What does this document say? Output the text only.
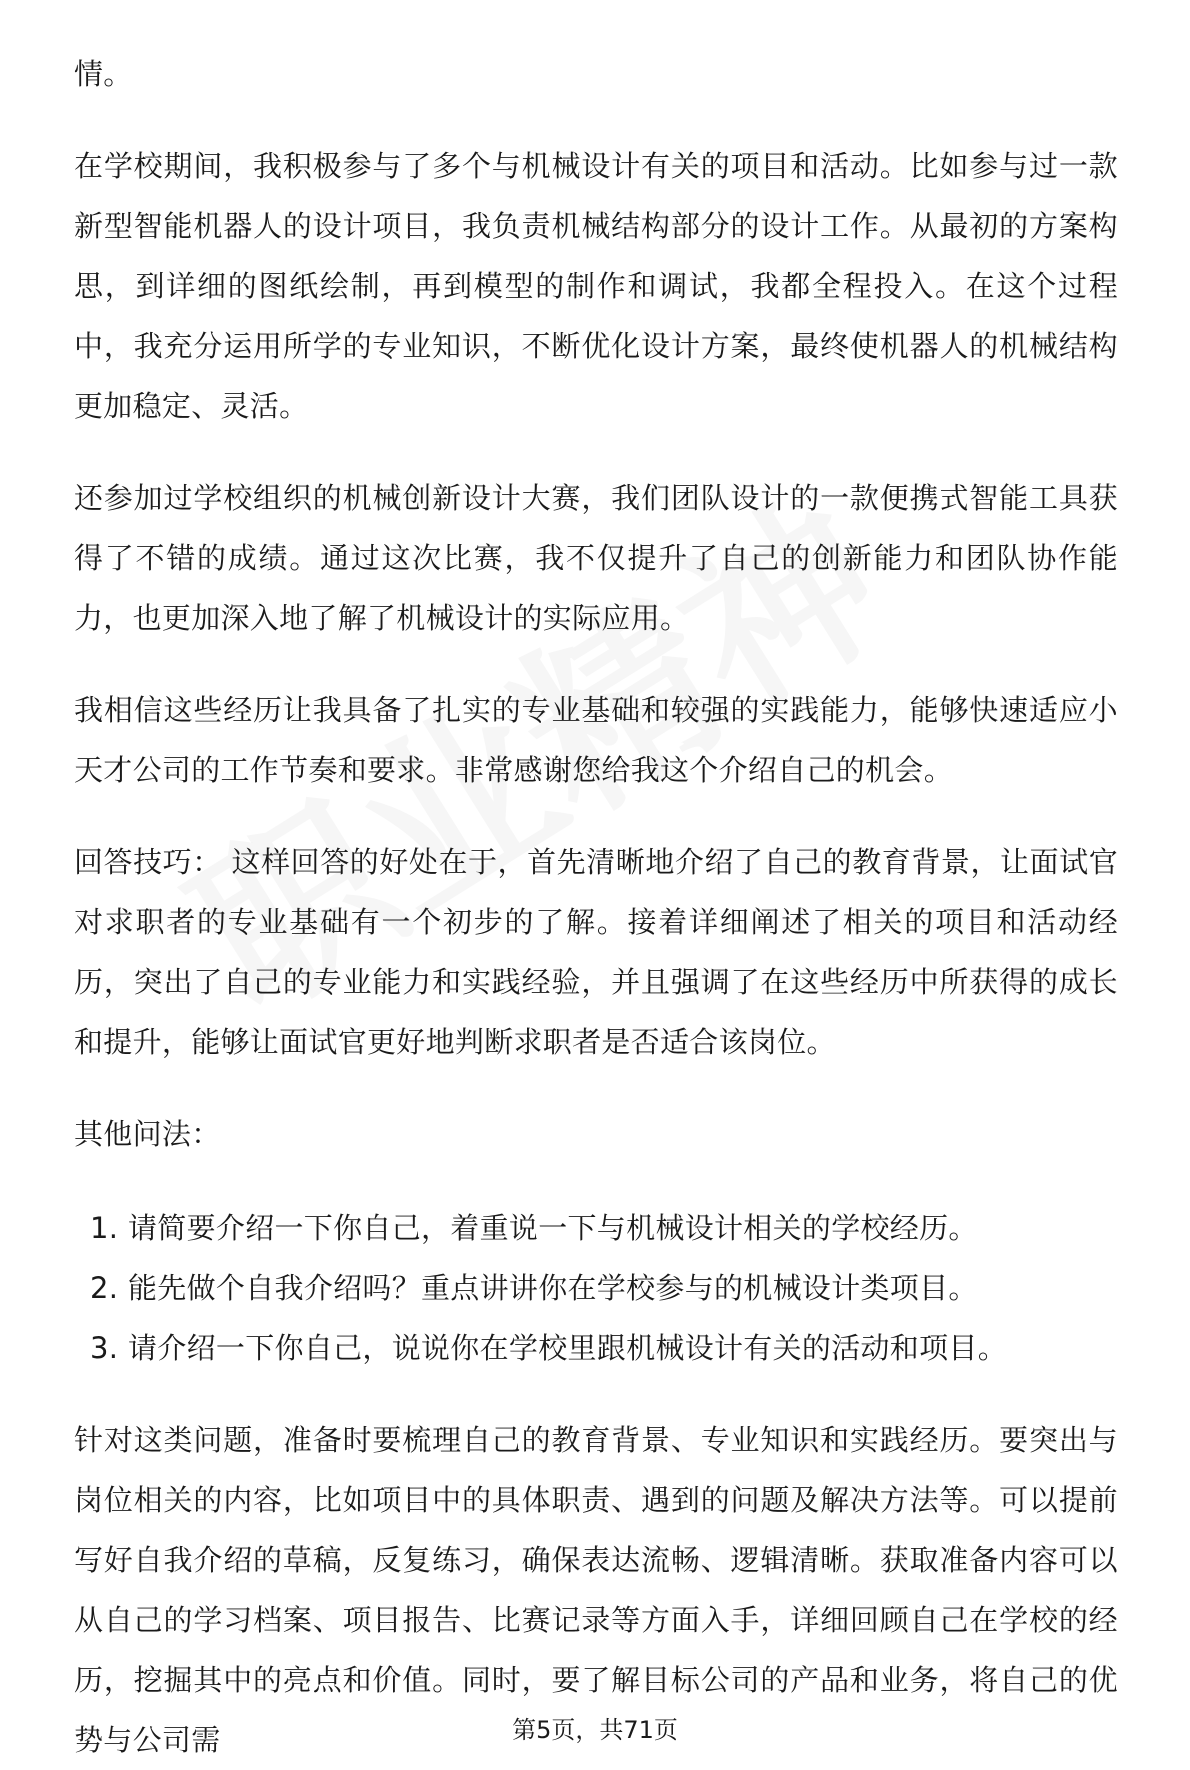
情。

在学校期间，我积极参与了多个与机械设计有关的项目和活动。比如参与过一款新型智能机器人的设计项目，我负责机械结构部分的设计工作。从最初的方案构思，到详细的图纸绘制，再到模型的制作和调试，我都全程投入。在这个过程中，我充分运用所学的专业知识，不断优化设计方案，最终使机器人的机械结构更加稳定、灵活。

还参加过学校组织的机械创新设计大赛，我们团队设计的一款便携式智能工具获得了不错的成绩。通过这次比赛，我不仅提升了自己的创新能力和团队协作能力，也更加深入地了解了机械设计的实际应用。

我相信这些经历让我具备了扎实的专业基础和较强的实践能力，能够快速适应小天才公司的工作节奏和要求。非常感谢您给我这个介绍自己的机会。

回答技巧： 这样回答的好处在于，首先清晰地介绍了自己的教育背景，让面试官对求职者的专业基础有一个初步的了解。接着详细阐述了相关的项目和活动经历，突出了自己的专业能力和实践经验，并且强调了在这些经历中所获得的成长和提升，能够让面试官更好地判断求职者是否适合该岗位。

其他问法：

1. 请简要介绍一下你自己，着重说一下与机械设计相关的学校经历。
2. 能先做个自我介绍吗？重点讲讲你在学校参与的机械设计类项目。
3. 请介绍一下你自己，说说你在学校里跟机械设计有关的活动和项目。

针对这类问题，准备时要梳理自己的教育背景、专业知识和实践经历。要突出与岗位相关的内容，比如项目中的具体职责、遇到的问题及解决方法等。可以提前写好自我介绍的草稿，反复练习，确保表达流畅、逻辑清晰。获取准备内容可以从自己的学习档案、项目报告、比赛记录等方面入手，详细回顾自己在学校的经历，挖掘其中的亮点和价值。同时，要了解目标公司的产品和业务，将自己的优势与公司需	第5页，共71页
